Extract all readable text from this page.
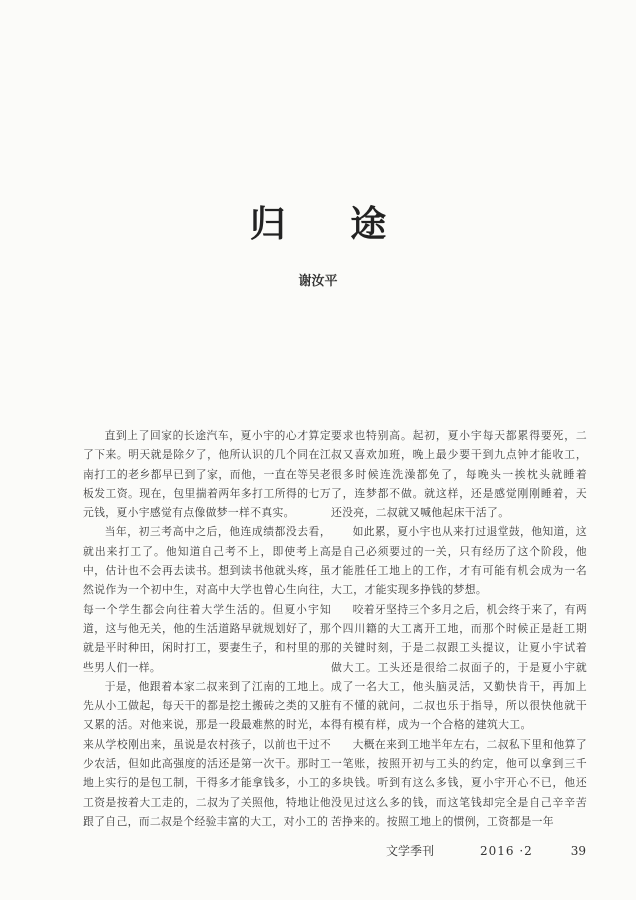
归 途
谢汝平

直到上了回家的长途汽车，夏小宇的心才算定了下来。明天就是除夕了，他所认识的几个同在江南打工的老乡都早已到了家，而他，一直在等吴老板发工资。现在，包里揣着两年多打工所得的七万元钱，夏小宇感觉有点像做梦一样不真实。

当年，初三考高中之后，他连成绩都没去看，就出来打工了。他知道自己考不上，即使考上高中，估计也不会再去读书。想到读书他就头疼，虽然说作为一个初中生，对高中大学也曾心生向往，每一个学生都会向往着大学生活的。但夏小宇知道，这与他无关，他的生活道路早就规划好了，那就是平时种田，闲时打工，要妻生子，和村里的那些男人们一样。

于是，他跟着本家二叔来到了江南的工地上。先从小工做起，每天干的都是挖土搬砖之类的又脏又累的活。对他来说，那是一段最难熬的时光，本来从学校刚出来，虽说是农村孩子，以前也干过不少农活，但如此高强度的活还是第一次干。那时工地上实行的是包工制，干得多才能拿钱多，小工的工资是按着大工走的，二叔为了关照他，特地让他跟了自己，而二叔是个经验丰富的大工，对小工的

要求也特别高。起初，夏小宇每天都累得要死，二叔又喜欢加班，晚上最少要干到九点钟才能收工，很多时候连洗澡都免了，每晚头一挨枕头就睡着了，连梦都不做。就这样，还是感觉刚刚睡着，天还没亮，二叔就又喊他起床干活了。

如此累，夏小宇也从来打过退堂鼓，他知道，这是自己必须要过的一关，只有经历了这个阶段，他才能胜任工地上的工作，才有可能有机会成为一名大工，才能实现多挣钱的梦想。

咬着牙坚持三个多月之后，机会终于来了，有两个四川籍的大工离开工地，而那个时候正是赶工期的关键时刻，于是二叔跟工头提议，让夏小宇试着做大工。工头还是很给二叔面子的，于是夏小宇就成了一名大工，他头脑灵活，又勤快肯干，再加上有不懂的就问，二叔也乐于指导，所以很快他就干得有模有样，成为一个合格的建筑大工。

大概在来到工地半年左右，二叔私下里和他算了一笔账，按照开初与工头的约定，他可以拿到三千多块钱。听到有这么多钱，夏小宇开心不已，他还没见过这么多的钱，而这笔钱却完全是自己辛辛苦苦挣来的。按照工地上的惯例，工资都是一年

文学季刊	2016 ·2	39
